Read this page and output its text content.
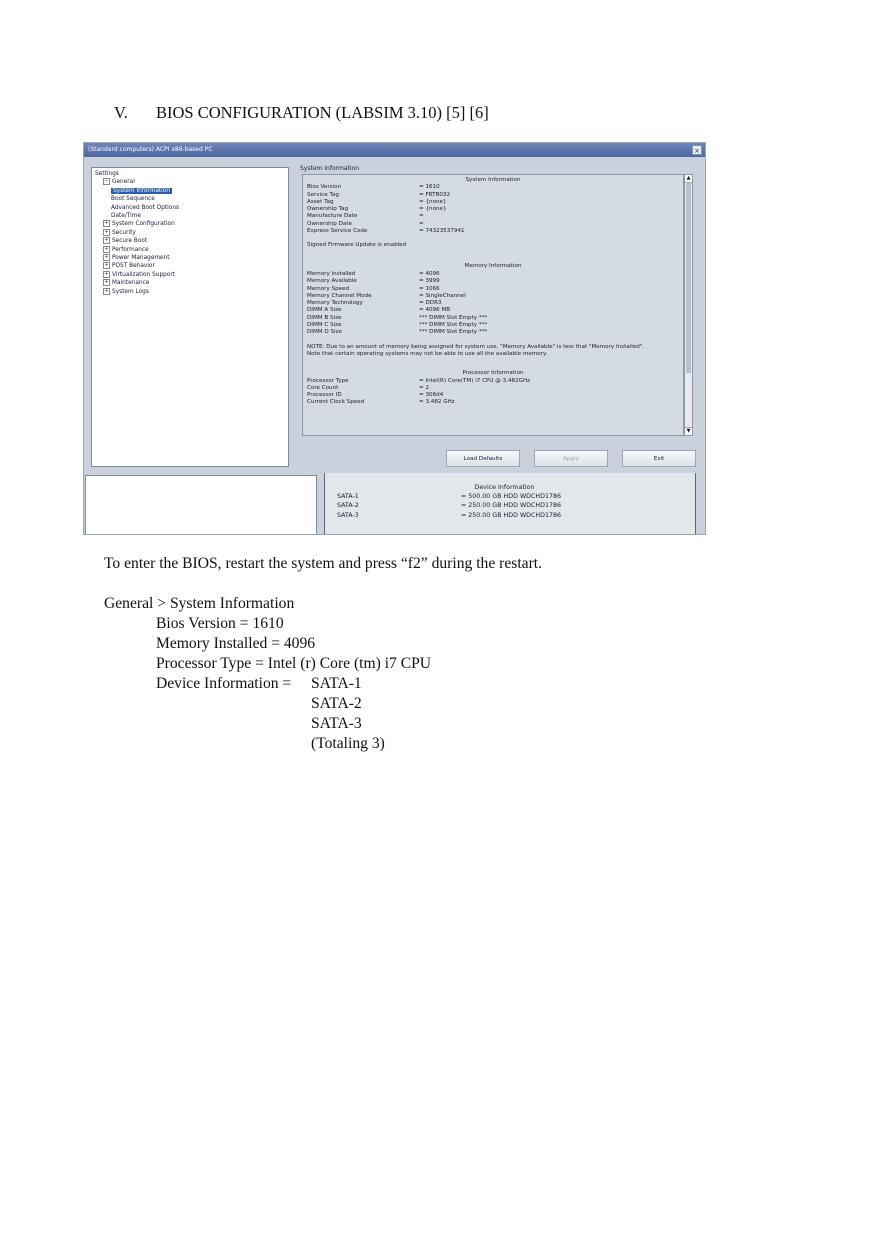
V. BIOS CONFIGURATION (LABSIM 3.10) [5] [6]
(Standard computers) ACPI x86-based PC	×
Settings
− General
System Information
Boot Sequence
Advanced Boot Options
Date/Time
+ System Configuration
+ Security
+ Secure Boot
+ Performance
+ Power Management
+ POST Behavior
+ Virtualization Support
+ Maintenance
+ System Logs
System Information
System Information
Bios Version	= 1610
Service Tag	= FRTB032
Asset Tag	= {none}
Ownership Tag	= {none}
Manufacture Date	=
Ownership Date	=
Express Service Code	= 74323537941
Signed Firmware Update is enabled
Memory Information
Memory Installed	= 4096
Memory Available	= 3999
Memory Speed	= 1066
Memory Channel Mode	= SingleChannel
Memory Technology	= DDR3
DIMM A Size	= 4096 MB
DIMM B Size	*** DIMM Slot Empty ***
DIMM C Size	*** DIMM Slot Empty ***
DIMM D Size	*** DIMM Slot Empty ***
NOTE: Due to an amount of memory being assigned for system use, "Memory Available" is less that "Memory Installed".
Note that certain operating systems may not be able to use all the available memory.
Processor Information
Processor Type	= Intel(R) Core(TM) i7 CPU @ 3.482GHz
Core Count	= 2
Processor ID	= 306d4
Current Clock Speed	= 3.482 GHz
▲
▼
Load Defaults	Apply	Exit
Device Information
SATA-1	= 500.00 GB HDD WDCHD1786
SATA-2	= 250.00 GB HDD WDCHD1786
SATA-3	= 250.00 GB HDD WDCHD1786
To enter the BIOS, restart the system and press “f2” during the restart.
General > System Information
Bios Version = 1610
Memory Installed = 4096
Processor Type = Intel (r) Core (tm) i7 CPU
Device Information = SATA-1
SATA-2
SATA-3
(Totaling 3)
